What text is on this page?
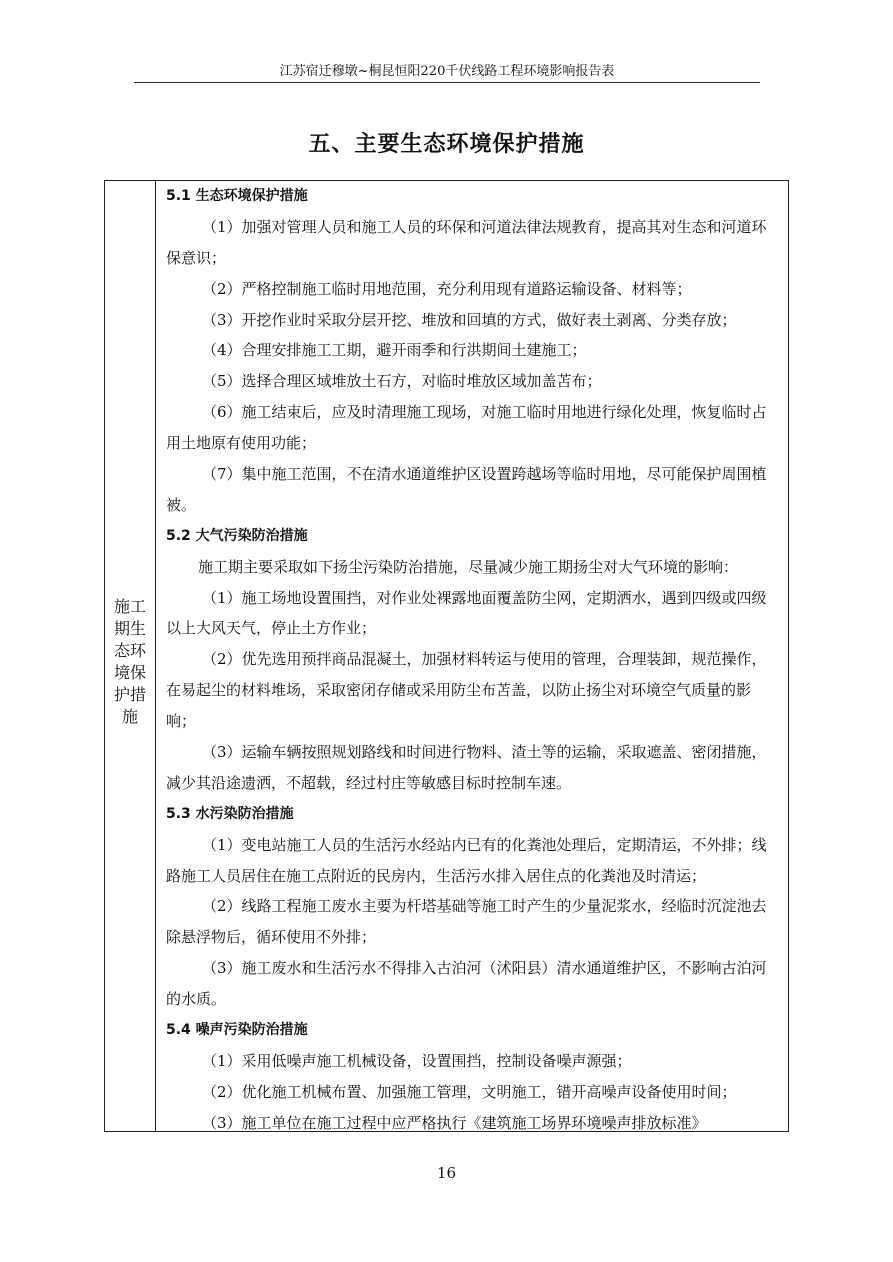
江苏宿迁穆墩~桐昆恒阳220千伏线路工程环境影响报告表
五、主要生态环境保护措施
施工期生态环境保护措施
5.1 生态环境保护措施
（1）加强对管理人员和施工人员的环保和河道法律法规教育，提高其对生态和河道环
保意识；
（2）严格控制施工临时用地范围，充分利用现有道路运输设备、材料等；
（3）开挖作业时采取分层开挖、堆放和回填的方式，做好表土剥离、分类存放；
（4）合理安排施工工期，避开雨季和行洪期间土建施工；
（5）选择合理区域堆放土石方，对临时堆放区域加盖苫布；
（6）施工结束后，应及时清理施工现场，对施工临时用地进行绿化处理，恢复临时占
用土地原有使用功能；
（7）集中施工范围，不在清水通道维护区设置跨越场等临时用地，尽可能保护周围植
被。
5.2 大气污染防治措施
施工期主要采取如下扬尘污染防治措施，尽量减少施工期扬尘对大气环境的影响：
（1）施工场地设置围挡，对作业处裸露地面覆盖防尘网，定期洒水，遇到四级或四级
以上大风天气，停止土方作业；
（2）优先选用预拌商品混凝土，加强材料转运与使用的管理，合理装卸，规范操作，
在易起尘的材料堆场，采取密闭存储或采用防尘布苫盖，以防止扬尘对环境空气质量的影
响；
（3）运输车辆按照规划路线和时间进行物料、渣土等的运输，采取遮盖、密闭措施，
减少其沿途遗洒，不超载，经过村庄等敏感目标时控制车速。
5.3 水污染防治措施
（1）变电站施工人员的生活污水经站内已有的化粪池处理后，定期清运，不外排；线
路施工人员居住在施工点附近的民房内，生活污水排入居住点的化粪池及时清运；
（2）线路工程施工废水主要为杆塔基础等施工时产生的少量泥浆水，经临时沉淀池去
除悬浮物后，循环使用不外排；
（3）施工废水和生活污水不得排入古泊河（沭阳县）清水通道维护区，不影响古泊河
的水质。
5.4 噪声污染防治措施
（1）采用低噪声施工机械设备，设置围挡，控制设备噪声源强；
（2）优化施工机械布置、加强施工管理，文明施工，错开高噪声设备使用时间；
（3）施工单位在施工过程中应严格执行《建筑施工场界环境噪声排放标准》
16
